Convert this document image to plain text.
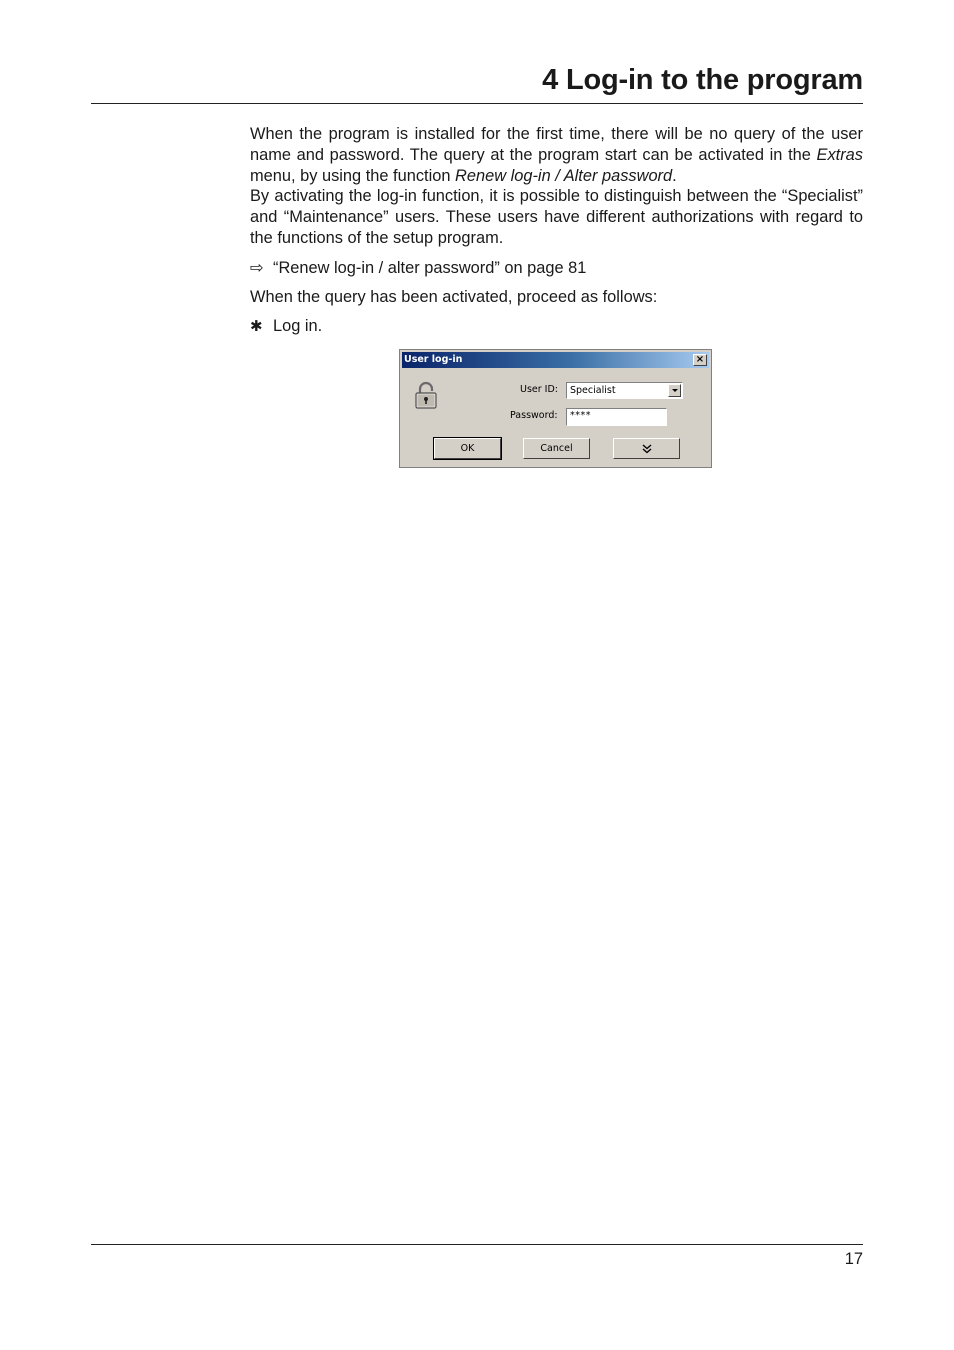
4 Log-in to the program

When the program is installed for the first time, there will be no query of the user name and password. The query at the program start can be activated in the Extras menu, by using the function Renew log-in / Alter password.

By activating the log-in function, it is possible to distinguish between the “Specialist” and “Maintenance” users. These users have different authorizations with regard to the functions of the setup program.

⇨ “Renew log-in / alter password” on page 81

When the query has been activated, proceed as follows:

✱ Log in.

User log-in	×
User ID: Specialist
Password: ****
OK	Cancel

17
